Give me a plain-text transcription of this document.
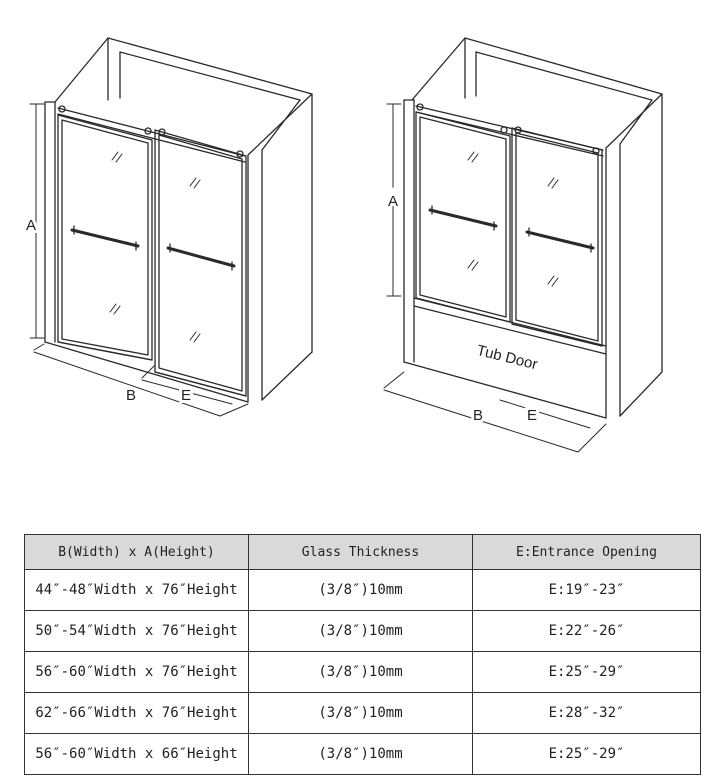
A
B	E
A
B	E
Tub Door
B(Width) x A(Height)	Glass Thickness	E:Entrance Opening
44″-48″Width x 76″Height	(3/8″)10mm	E:19″-23″
50″-54″Width x 76″Height	(3/8″)10mm	E:22″-26″
56″-60″Width x 76″Height	(3/8″)10mm	E:25″-29″
62″-66″Width x 76″Height	(3/8″)10mm	E:28″-32″
56″-60″Width x 66″Height	(3/8″)10mm	E:25″-29″
